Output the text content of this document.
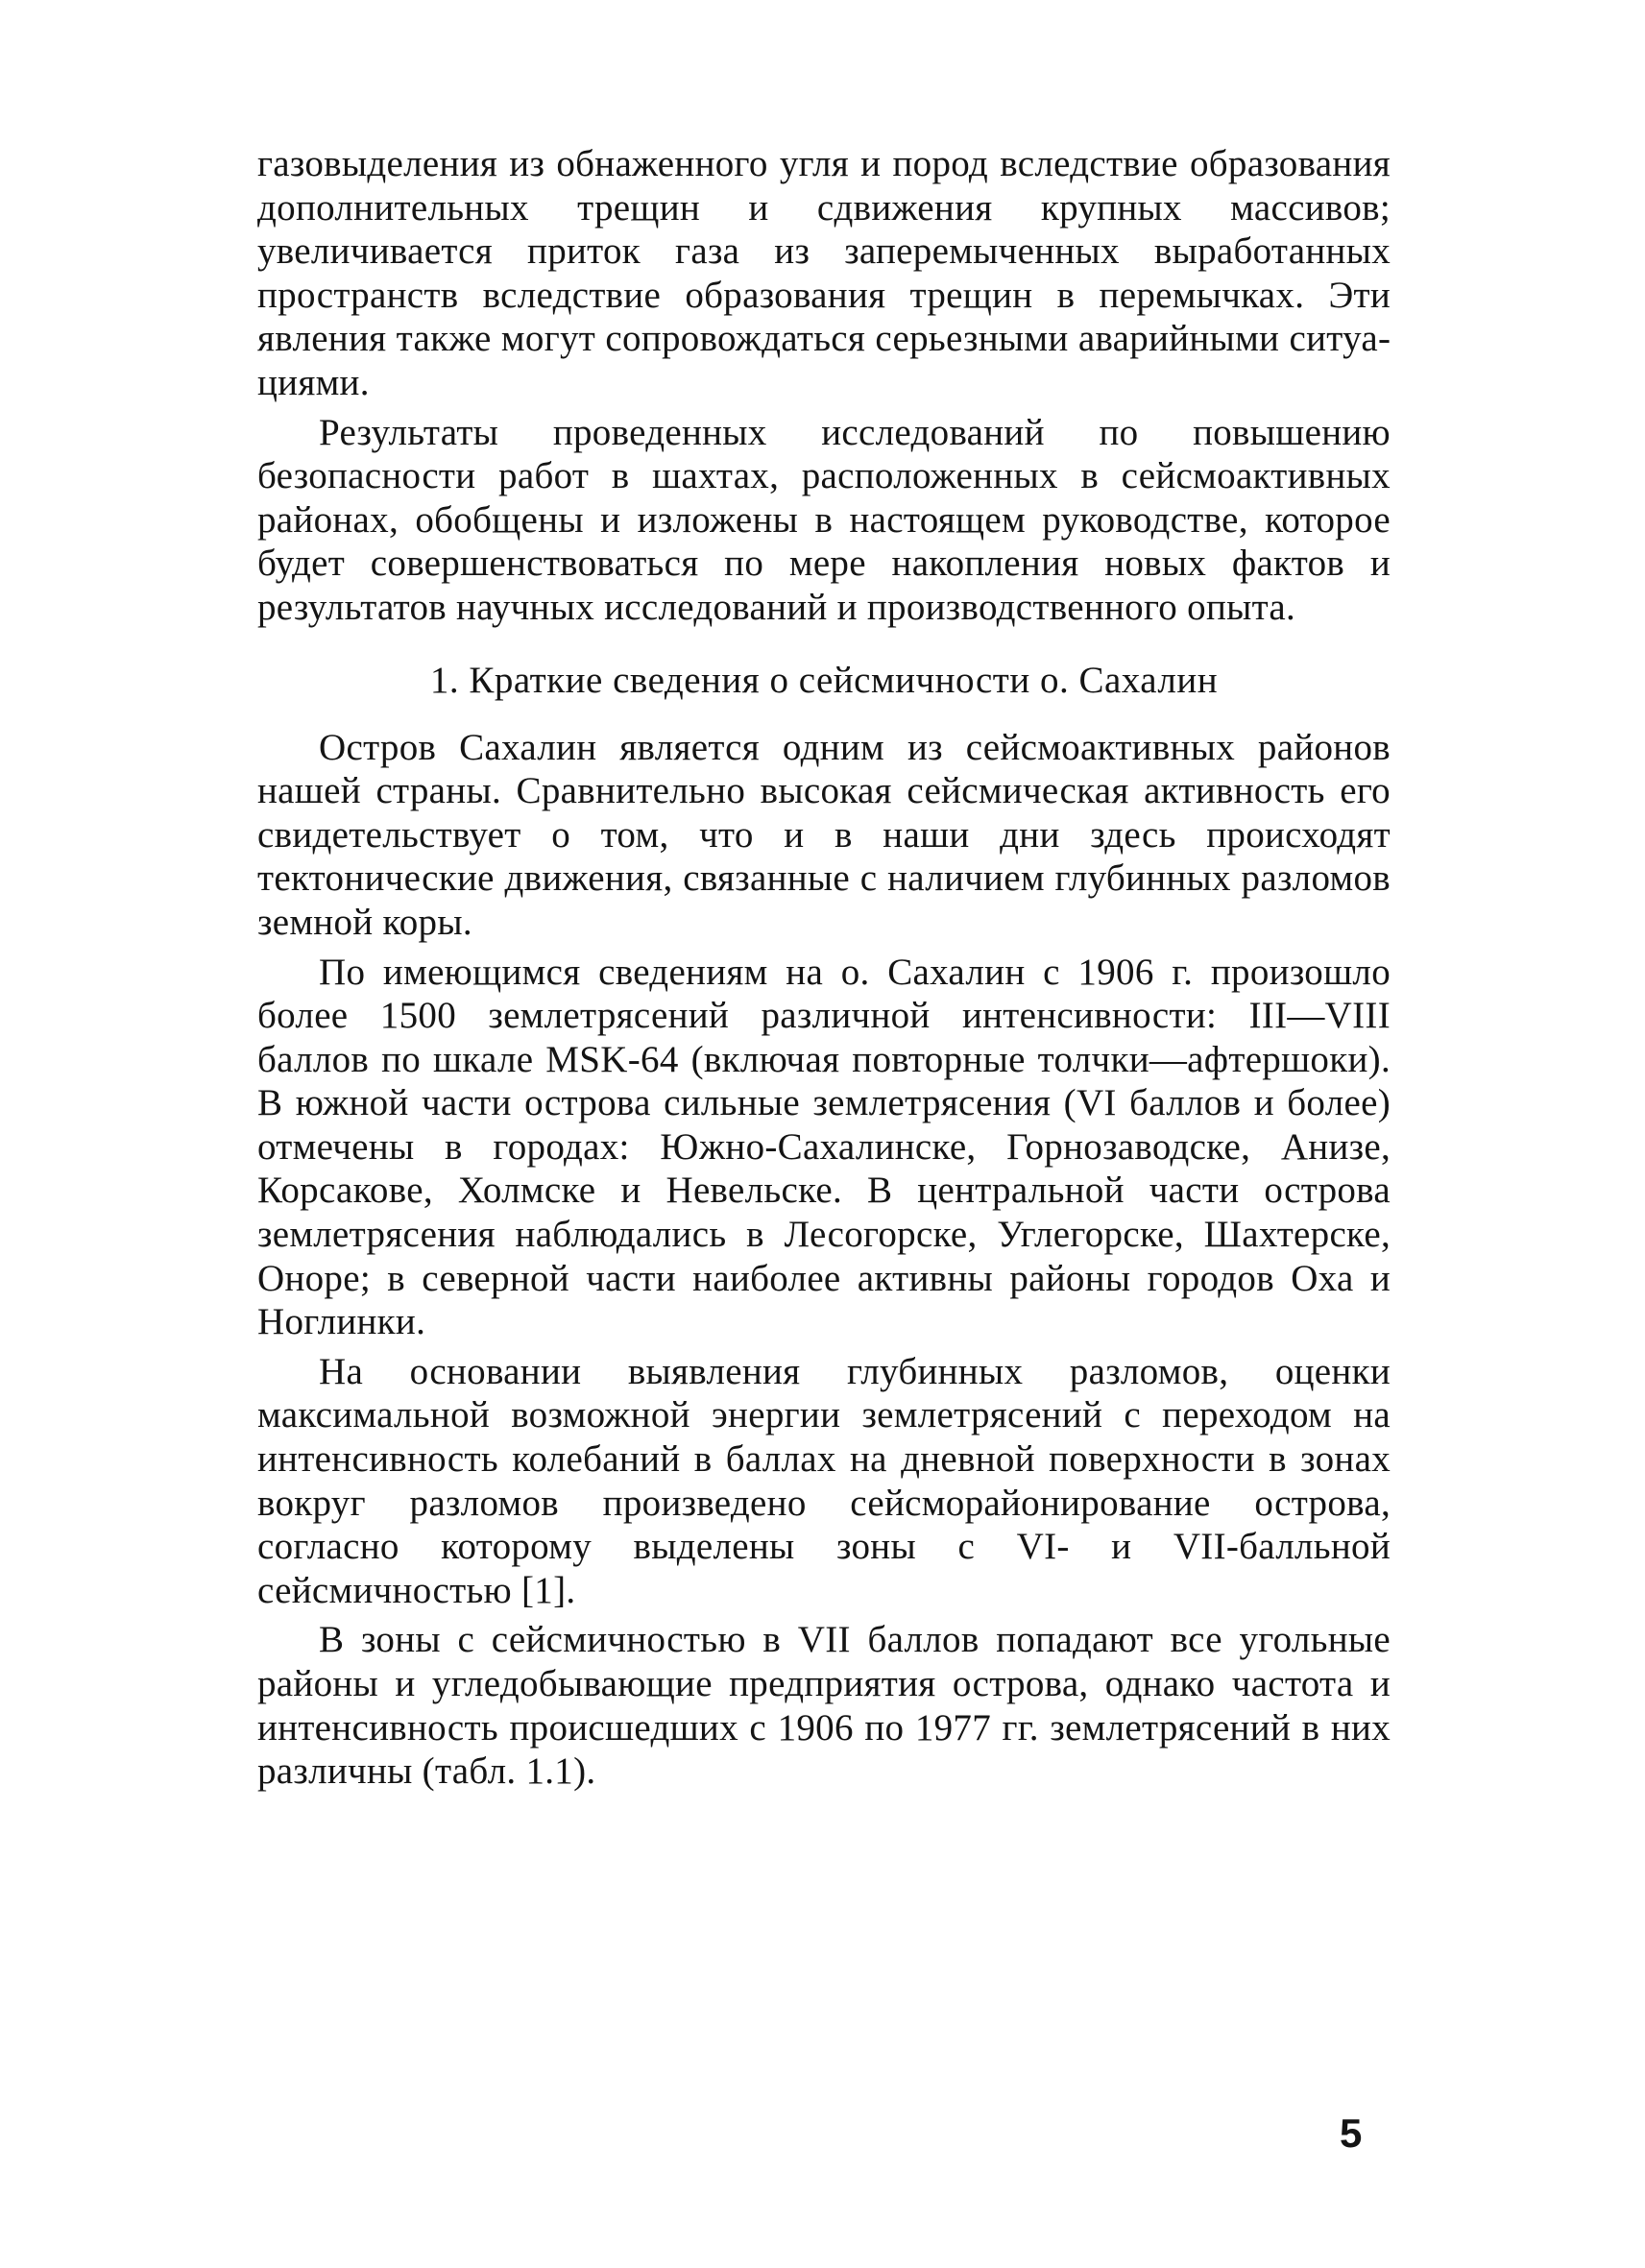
газовыделения из обнаженного угля и пород вследствие образования дополнительных трещин и сдвижения крупных массивов; увеличивается приток газа из заперемыченных выработанных пространств вследствие образования трещин в перемычках. Эти явления также могут сопровождаться серьезными аварийными ситуациями.

Результаты проведенных исследований по повышению безопасности работ в шахтах, расположенных в сейсмоактивных районах, обобщены и изложены в настоящем руководстве, которое будет совершенствоваться по мере накопления новых фактов и результатов научных исследований и производственного опыта.

1. Краткие сведения о сейсмичности о. Сахалин

Остров Сахалин является одним из сейсмоактивных районов нашей страны. Сравнительно высокая сейсмическая активность его свидетельствует о том, что и в наши дни здесь происходят тектонические движения, связанные с наличием глубинных разломов земной коры.

По имеющимся сведениям на о. Сахалин с 1906 г. произошло более 1500 землетрясений различной интенсивности: III—VIII баллов по шкале MSK-64 (включая повторные толчки—афтершоки). В южной части острова сильные землетрясения (VI баллов и более) отмечены в городах: Южно-Сахалинске, Горнозаводске, Анизе, Корсакове, Холмске и Невельске. В центральной части острова землетрясения наблюдались в Лесогорске, Углегорске, Шахтерске, Оноре; в северной части наиболее активны районы городов Оха и Ноглинки.

На основании выявления глубинных разломов, оценки максимальной возможной энергии землетрясений с переходом на интенсивность колебаний в баллах на дневной поверхности в зонах вокруг разломов произведено сейсморайонирование острова, согласно которому выделены зоны с VI- и VII-балльной сейсмичностью [1].

В зоны с сейсмичностью в VII баллов попадают все угольные районы и угледобывающие предприятия острова, однако частота и интенсивность происшедших с 1906 по 1977 гг. землетрясений в них различны (табл. 1.1).

5
